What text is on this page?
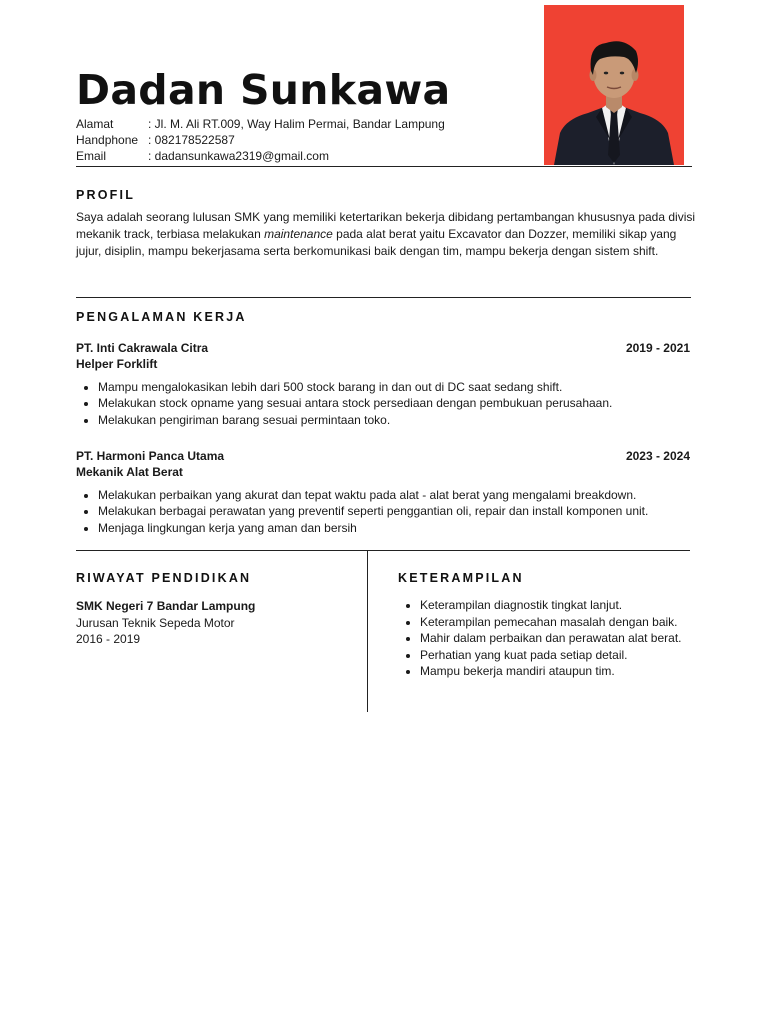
Dadan Sunkawa
Alamat	: Jl. M. Ali RT.009, Way Halim Permai, Bandar Lampung
Handphone : 082178522587
Email	: dadansunkawa2319@gmail.com
PROFIL

Saya adalah seorang lulusan SMK yang memiliki ketertarikan bekerja dibidang pertambangan khususnya pada divisi mekanik track, terbiasa melakukan maintenance pada alat berat yaitu Excavator dan Dozzer, memiliki sikap yang jujur, disiplin, mampu bekerjasama serta berkomunikasi baik dengan tim, mampu bekerja dengan sistem shift.

PENGALAMAN KERJA
PT. Inti Cakrawala Citra	2019 - 2021
Helper Forklift
• Mampu mengalokasikan lebih dari 500 stock barang in dan out di DC saat sedang shift.
• Melakukan stock opname yang sesuai antara stock persediaan dengan pembukuan perusahaan.
• Melakukan pengiriman barang sesuai permintaan toko.
PT. Harmoni Panca Utama	2023 - 2024
Mekanik Alat Berat
• Melakukan perbaikan yang akurat dan tepat waktu pada alat - alat berat yang mengalami breakdown.
• Melakukan berbagai perawatan yang preventif seperti penggantian oli, repair dan install komponen unit.
• Menjaga lingkungan kerja yang aman dan bersih
RIWAYAT PENDIDIKAN
SMK Negeri 7 Bandar Lampung
Jurusan Teknik Sepeda Motor
2016 - 2019
KETERAMPILAN
• Keterampilan diagnostik tingkat lanjut.
• Keterampilan pemecahan masalah dengan baik.
• Mahir dalam perbaikan dan perawatan alat berat.
• Perhatian yang kuat pada setiap detail.
• Mampu bekerja mandiri ataupun tim.
